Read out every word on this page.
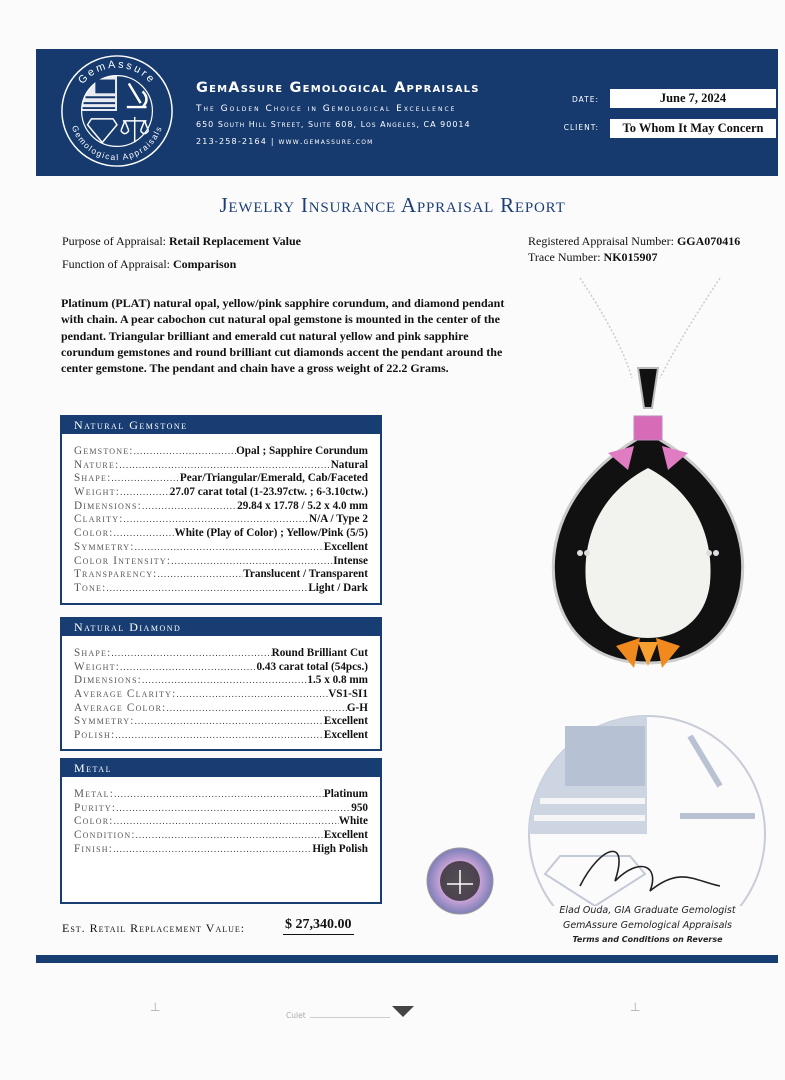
GemAssure
Gemological Appraisals
GemAssure Gemological Appraisals
The Golden Choice in Gemological Excellence
650 South Hill Street, Suite 608, Los Angeles, CA 90014
213-258-2164 | www.gemassure.com
DATE:	June 7, 2024
CLIENT:	To Whom It May Concern
Jewelry Insurance Appraisal Report
Purpose of Appraisal: Retail Replacement Value
Function of Appraisal: Comparison
Registered Appraisal Number: GGA070416
Trace Number: NK015907
Platinum (PLAT) natural opal, yellow/pink sapphire corundum, and diamond pendant with chain. A pear cabochon cut natural opal gemstone is mounted in the center of the pendant. Triangular brilliant and emerald cut natural yellow and pink sapphire corundum gemstones and round brilliant cut diamonds accent the pendant around the center gemstone. The pendant and chain have a gross weight of 22.2 Grams.
Natural Gemstone
Gemstone: .....	Opal ; Sapphire Corundum
Nature: .....	Natural
Shape: .....	Pear/Triangular/Emerald, Cab/Faceted
Weight: .....	27.07 carat total (1-23.97ctw. ; 6-3.10ctw.)
Dimensions: .....	29.84 x 17.78 / 5.2 x 4.0 mm
Clarity: .....	N/A / Type 2
Color: .....	White (Play of Color) ; Yellow/Pink (5/5)
Symmetry: .....	Excellent
Color Intensity: .....	Intense
Transparency: .....	Translucent / Transparent
Tone: .....	Light / Dark
Natural Diamond
Shape: .....	Round Brilliant Cut
Weight: .....	0.43 carat total (54pcs.)
Dimensions: .....	1.5 x 0.8 mm
Average Clarity: .....	VS1-SI1
Average Color: .....	G-H
Symmetry: .....	Excellent
Polish: .....	Excellent
Metal
Metal: .....	Platinum
Purity: .....	950
Color: .....	White
Condition: .....	Excellent
Finish: .....	High Polish
Elad Ouda, GIA Graduate Gemologist
GemAssure Gemological Appraisals
Terms and Conditions on Reverse
Est. Retail Replacement Value:	$ 27,340.00
⊥	⊥
Culet
